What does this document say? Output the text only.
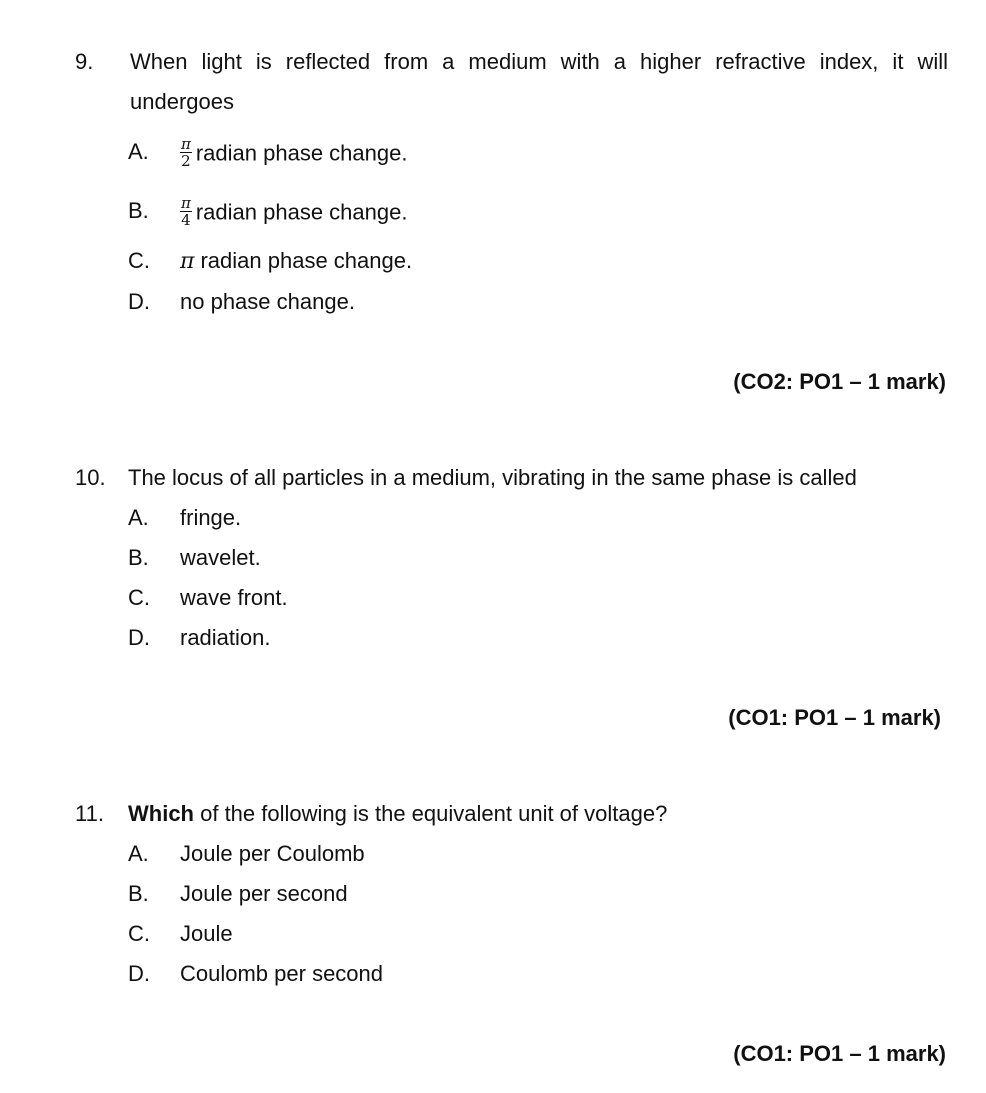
9. When light is reflected from a medium with a higher refractive index, it will
undergoes
A. $\frac{\pi}{2}$ radian phase change.
B. $\frac{\pi}{4}$ radian phase change.
C. π radian phase change.
D. no phase change.
(CO2: PO1 – 1 mark)
10. The locus of all particles in a medium, vibrating in the same phase is called
A. fringe.
B. wavelet.
C. wave front.
D. radiation.
(CO1: PO1 – 1 mark)
11. Which of the following is the equivalent unit of voltage?
A. Joule per Coulomb
B. Joule per second
C. Joule
D. Coulomb per second
(CO1: PO1 – 1 mark)
